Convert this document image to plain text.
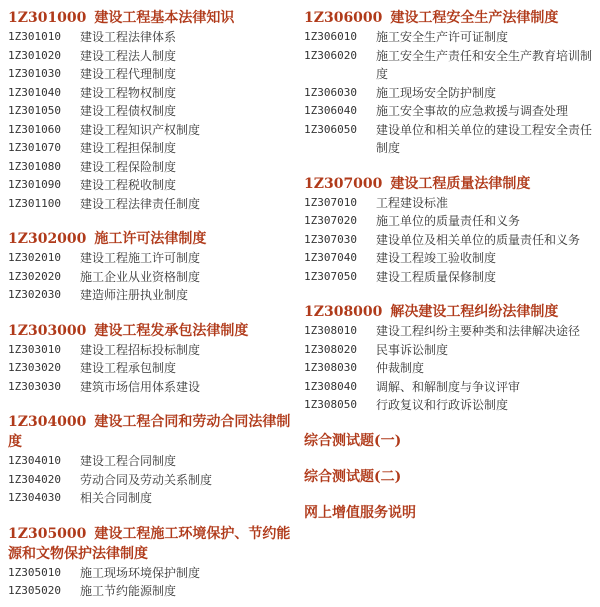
1Z301000 建设工程基本法律知识
1Z301010	建设工程法律体系
1Z301020	建设工程法人制度
1Z301030	建设工程代理制度
1Z301040	建设工程物权制度
1Z301050	建设工程债权制度
1Z301060	建设工程知识产权制度
1Z301070	建设工程担保制度
1Z301080	建设工程保险制度
1Z301090	建设工程税收制度
1Z301100	建设工程法律责任制度
1Z302000 施工许可法律制度
1Z302010	建设工程施工许可制度
1Z302020	施工企业从业资格制度
1Z302030	建造师注册执业制度
1Z303000 建设工程发承包法律制度
1Z303010	建设工程招标投标制度
1Z303020	建设工程承包制度
1Z303030	建筑市场信用体系建设
1Z304000 建设工程合同和劳动合同法律制度
1Z304010	建设工程合同制度
1Z304020	劳动合同及劳动关系制度
1Z304030	相关合同制度
1Z305000 建设工程施工环境保护、节约能源和文物保护法律制度
1Z305010	施工现场环境保护制度
1Z305020	施工节约能源制度
1Z306000 建设工程安全生产法律制度
1Z306010	施工安全生产许可证制度
1Z306020	施工安全生产责任和安全生产教育培训制度
1Z306030	施工现场安全防护制度
1Z306040	施工安全事故的应急救援与调查处理
1Z306050	建设单位和相关单位的建设工程安全责任制度
1Z307000 建设工程质量法律制度
1Z307010	工程建设标准
1Z307020	施工单位的质量责任和义务
1Z307030	建设单位及相关单位的质量责任和义务
1Z307040	建设工程竣工验收制度
1Z307050	建设工程质量保修制度
1Z308000 解决建设工程纠纷法律制度
1Z308010	建设工程纠纷主要种类和法律解决途径
1Z308020	民事诉讼制度
1Z308030	仲裁制度
1Z308040	调解、和解制度与争议评审
1Z308050	行政复议和行政诉讼制度
综合测试题(一)
综合测试题(二)
网上增值服务说明
